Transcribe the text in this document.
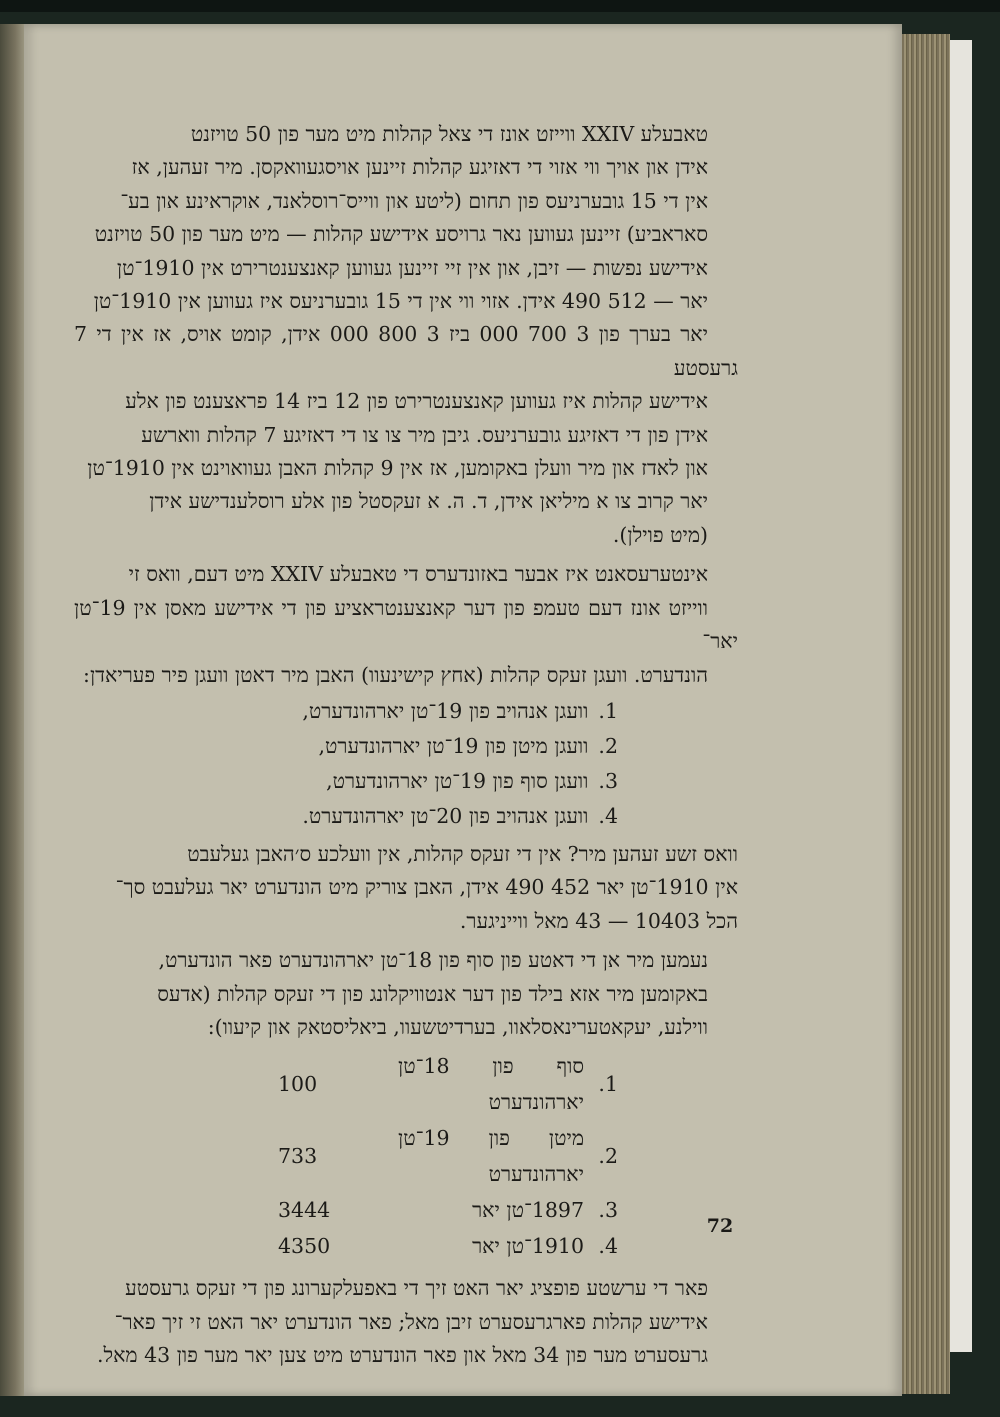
טאבעלע XXIV ווייזט אונז די צאל קהלות מיט מער פון 50 טויזנט
אידן און אויך ווי אזוי די דאזיגע קהלות זיינען אויסגעוואקסן. מיר זעהען, אז
אין די 15 גובערניעס פון תחום (ליטע און ווייס־רוסלאנד, אוקראינע און בע־
סאראביע) זיינען געווען נאר גרויסע אידישע קהלות — מיט מער פון 50 טויזנט
אידישע נפשות — זיבן, און אין זיי זיינען געווען קאנצענטרירט אין 1910־טן
יאר — 512 490 אידן. אזוי ווי אין די 15 גובערניעס איז געווען אין 1910־טן
יאר בערך פון 3 700 000 ביז 3 800 000 אידן, קומט אויס, אז אין די 7 גרעסטע
אידישע קהלות איז געווען קאנצענטרירט פון 12 ביז 14 פראצענט פון אלע
אידן פון די דאזיגע גובערניעס. גיבן מיר צו צו די דאזיגע 7 קהלות ווארשע
און לאדז און מיר וועלן באקומען, אז אין 9 קהלות האבן געוואוינט אין 1910־טן
יאר קרוב צו א מיליאן אידן, ד. ה. א זעקסטל פון אלע רוסלענדישע אידן
(מיט פוילן).
אינטערעסאנט איז אבער באזונדערס די טאבעלע XXIV מיט דעם, וואס זי
ווייזט אונז דעם טעמפ פון דער קאנצענטראציע פון די אידישע מאסן אין 19־טן יאר־
הונדערט. וועגן זעקס קהלות (אחץ קישינעוו) האבן מיר דאטן וועגן פיר פעריאדן:
1.
וועגן אנהויב פון 19־טן יארהונדערט,
2.
וועגן מיטן פון 19־טן יארהונדערט,
3.
וועגן סוף פון 19־טן יארהונדערט,
4.
וועגן אנהויב פון 20־טן יארהונדערט.
וואס זשע זעהען מיר? אין די זעקס קהלות, אין וועלכע ס׳האבן געלעבט
אין 1910־טן יאר 452 490 אידן, האבן צוריק מיט הונדערט יאר געלעבט סך־
הכל 10403 — 43 מאל ווייניגער.
נעמען מיר אן די דאטע פון סוף פון 18־טן יארהונדערט פאר הונדערט,
באקומען מיר אזא בילד פון דער אנטוויקלונג פון די זעקס קהלות (אדעס
ווילנע, יעקאטערינאסלאוו, בערדיטשעוו, ביאליסטאק און קיעוו):
1.
סוף פון 18־טן יארהונדערט
100
2.
מיטן פון 19־טן יארהונדערט
733
3.
1897־טן יאר
3444
4.
1910־טן יאר
4350
פאר די ערשטע פופציג יאר האט זיך די באפעלקערונג פון די זעקס גרעסטע
אידישע קהלות פארגרעסערט זיבן מאל; פאר הונדערט יאר האט זי זיך פאר־
גרעסערט מער פון 34 מאל און פאר הונדערט מיט צען יאר מער פון 43 מאל.
72
